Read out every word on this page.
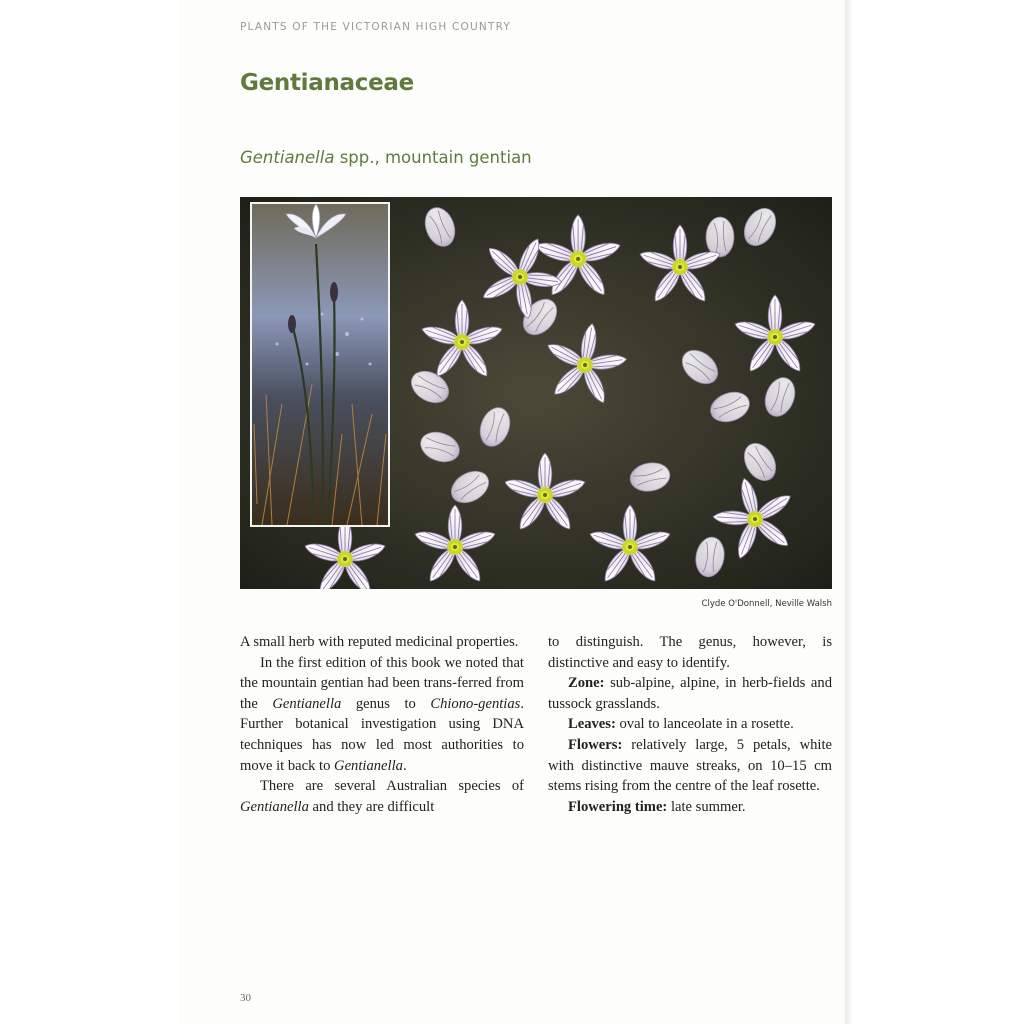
PLANTS OF THE VICTORIAN HIGH COUNTRY
Gentianaceae
Gentianella spp., mountain gentian
Clyde O'Donnell, Neville Walsh

A small herb with reputed medicinal properties.

In the first edition of this book we noted that the mountain gentian had been trans-ferred from the Gentianella genus to Chiono-gentias. Further botanical investigation using DNA techniques has now led most authorities to move it back to Gentianella.

There are several Australian species of Gentianella and they are difficult

to distinguish. The genus, however, is distinctive and easy to identify.

Zone: sub-alpine, alpine, in herb-fields and tussock grasslands.

Leaves: oval to lanceolate in a rosette.

Flowers: relatively large, 5 petals, white with distinctive mauve streaks, on 10–15 cm stems rising from the centre of the leaf rosette.

Flowering time: late summer.

30
